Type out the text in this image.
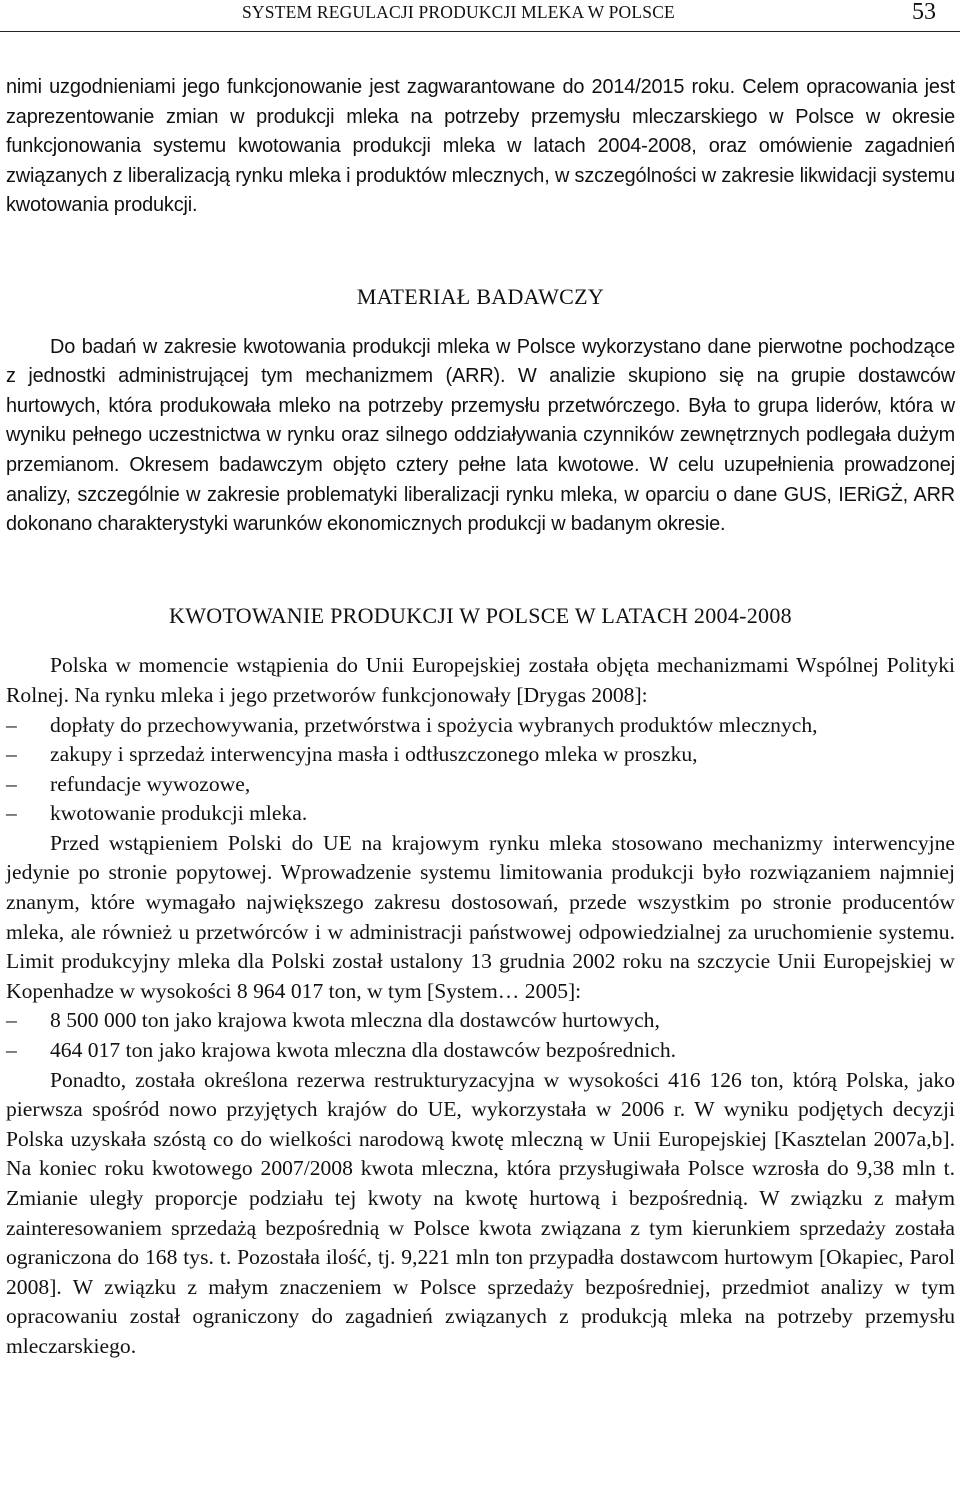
SYSTEM REGULACJI PRODUKCJI MLEKA W POLSCE	53

nimi uzgodnieniami jego funkcjonowanie jest zagwarantowane do 2014/2015 roku. Celem opracowania jest zaprezentowanie zmian w produkcji mleka na potrzeby przemysłu mleczarskiego w Polsce w okresie funkcjonowania systemu kwotowania produkcji mleka w latach 2004-2008, oraz omówienie zagadnień związanych z liberalizacją rynku mleka i produktów mlecznych, w szczególności w zakresie likwidacji systemu kwotowania produkcji.

MATERIAŁ BADAWCZY

Do badań w zakresie kwotowania produkcji mleka w Polsce wykorzystano dane pierwotne pochodzące z jednostki administrującej tym mechanizmem (ARR). W analizie skupiono się na grupie dostawców hurtowych, która produkowała mleko na potrzeby przemysłu przetwórczego. Była to grupa liderów, która w wyniku pełnego uczestnictwa w rynku oraz silnego oddziaływania czynników zewnętrznych podlegała dużym przemianom. Okresem badawczym objęto cztery pełne lata kwotowe. W celu uzupełnienia prowadzonej analizy, szczególnie w zakresie problematyki liberalizacji rynku mleka, w oparciu o dane GUS, IERiGŻ, ARR dokonano charakterystyki warunków ekonomicznych produkcji w badanym okresie.

KWOTOWANIE PRODUKCJI W POLSCE W LATACH 2004-2008

Polska w momencie wstąpienia do Unii Europejskiej została objęta mechanizmami Wspólnej Polityki Rolnej. Na rynku mleka i jego przetworów funkcjonowały [Drygas 2008]:

– dopłaty do przechowywania, przetwórstwa i spożycia wybranych produktów mlecznych,
– zakupy i sprzedaż interwencyjna masła i odtłuszczonego mleka w proszku,
– refundacje wywozowe,
– kwotowanie produkcji mleka.

Przed wstąpieniem Polski do UE na krajowym rynku mleka stosowano mechanizmy interwencyjne jedynie po stronie popytowej. Wprowadzenie systemu limitowania produkcji było rozwiązaniem najmniej znanym, które wymagało największego zakresu dostosowań, przede wszystkim po stronie producentów mleka, ale również u przetwórców i w administracji państwowej odpowiedzialnej za uruchomienie systemu. Limit produkcyjny mleka dla Polski został ustalony 13 grudnia 2002 roku na szczycie Unii Europejskiej w Kopenhadze w wysokości 8 964 017 ton, w tym [System… 2005]:

– 8 500 000 ton jako krajowa kwota mleczna dla dostawców hurtowych,
– 464 017 ton jako krajowa kwota mleczna dla dostawców bezpośrednich.

Ponadto, została określona rezerwa restrukturyzacyjna w wysokości 416 126 ton, którą Polska, jako pierwsza spośród nowo przyjętych krajów do UE, wykorzystała w 2006 r. W wyniku podjętych decyzji Polska uzyskała szóstą co do wielkości narodową kwotę mleczną w Unii Europejskiej [Kasztelan 2007a,b]. Na koniec roku kwotowego 2007/2008 kwota mleczna, która przysługiwała Polsce wzrosła do 9,38 mln t. Zmianie uległy proporcje podziału tej kwoty na kwotę hurtową i bezpośrednią. W związku z małym zainteresowaniem sprzedażą bezpośrednią w Polsce kwota związana z tym kierunkiem sprzedaży została ograniczona do 168 tys. t. Pozostała ilość, tj. 9,221 mln ton przypadła dostawcom hurtowym [Okapiec, Parol 2008]. W związku z małym znaczeniem w Polsce sprzedaży bezpośredniej, przedmiot analizy w tym opracowaniu został ograniczony do zagadnień związanych z produkcją mleka na potrzeby przemysłu mleczarskiego.
